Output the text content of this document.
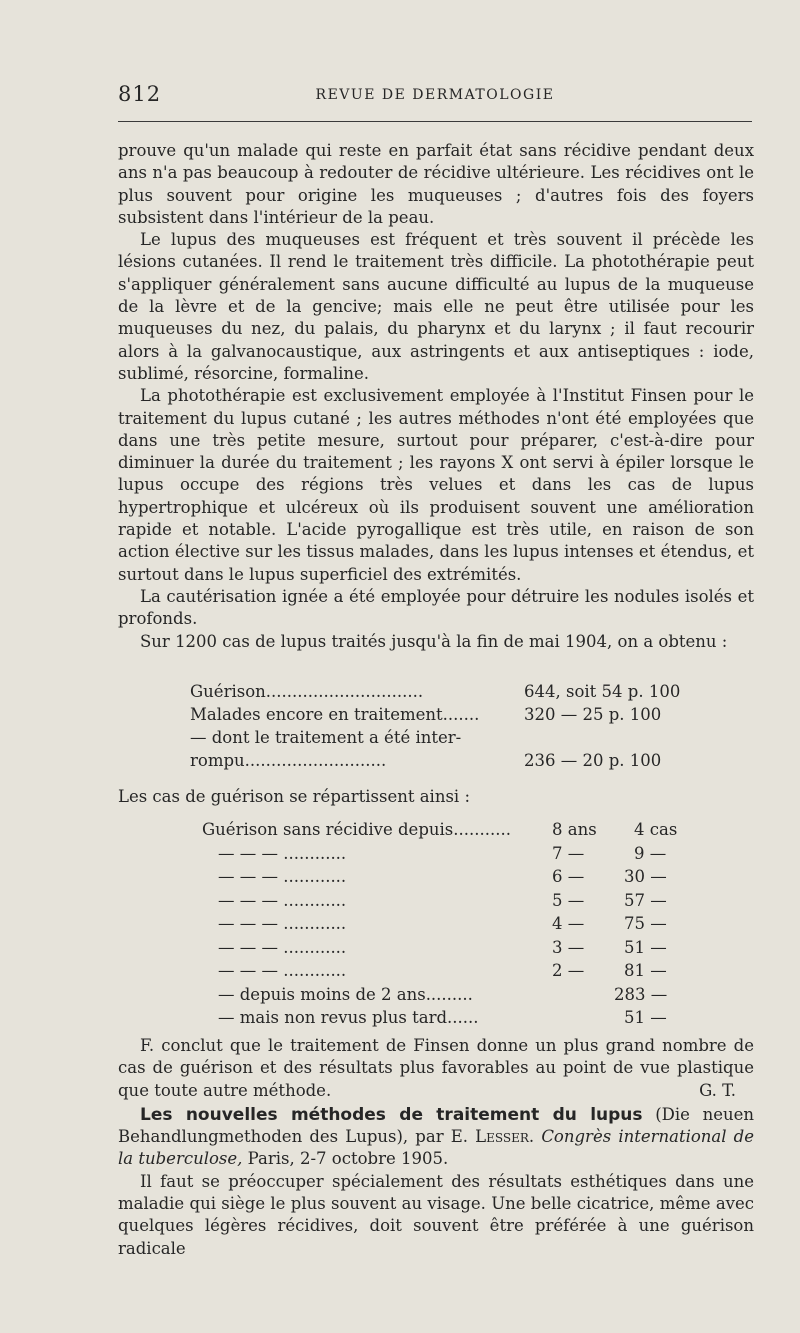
812	REVUE DE DERMATOLOGIE

prouve qu'un malade qui reste en parfait état sans récidive pendant deux ans n'a pas beaucoup à redouter de récidive ultérieure. Les récidives ont le plus souvent pour origine les muqueuses ; d'autres fois des foyers subsistent dans l'intérieur de la peau.

Le lupus des muqueuses est fréquent et très souvent il précède les lésions cutanées. Il rend le traitement très difficile. La photothérapie peut s'appliquer généralement sans aucune difficulté au lupus de la muqueuse de la lèvre et de la gencive; mais elle ne peut être utilisée pour les muqueuses du nez, du palais, du pharynx et du larynx ; il faut recourir alors à la galvanocaustique, aux astringents et aux antiseptiques : iode, sublimé, résorcine, formaline.

La photothérapie est exclusivement employée à l'Institut Finsen pour le traitement du lupus cutané ; les autres méthodes n'ont été employées que dans une très petite mesure, surtout pour préparer, c'est-à-dire pour diminuer la durée du traitement ; les rayons X ont servi à épiler lorsque le lupus occupe des régions très velues et dans les cas de lupus hypertrophique et ulcéreux où ils produisent souvent une amélioration rapide et notable. L'acide pyrogallique est très utile, en raison de son action élective sur les tissus malades, dans les lupus intenses et étendus, et surtout dans le lupus superficiel des extrémités.

La cautérisation ignée a été employée pour détruire les nodules isolés et profonds.

Sur 1200 cas de lupus traités jusqu'à la fin de mai 1904, on a obtenu :

Guérison..............................	644, soit 54 p. 100
Malades encore en traitement.......	320 — 25 p. 100
— dont le traitement a été inter-
rompu...........................	236 — 20 p. 100

Les cas de guérison se répartissent ainsi :

Guérison sans récidive depuis........... 8 ans 4 cas
— — — ............	7 —	9 —
— — — ............	6 — 30 —
— — — ............	5 — 57 —
— — — ............	4 — 75 —
— — — ............	3 — 51 —
— — — ............	2 — 81 —
— depuis moins de 2 ans.........	283 —
— mais non revus plus tard......	51 —

F. conclut que le traitement de Finsen donne un plus grand nombre de cas de guérison et des résultats plus favorables au point de vue plastique que toute autre méthode.	G. T.

Les nouvelles méthodes de traitement du lupus (Die neuen Behandlungmethoden des Lupus), par E. Lesser. Congrès international de la tuberculose, Paris, 2-7 octobre 1905.

Il faut se préoccuper spécialement des résultats esthétiques dans une maladie qui siège le plus souvent au visage. Une belle cicatrice, même avec quelques légères récidives, doit souvent être préférée à une guérison radicale
